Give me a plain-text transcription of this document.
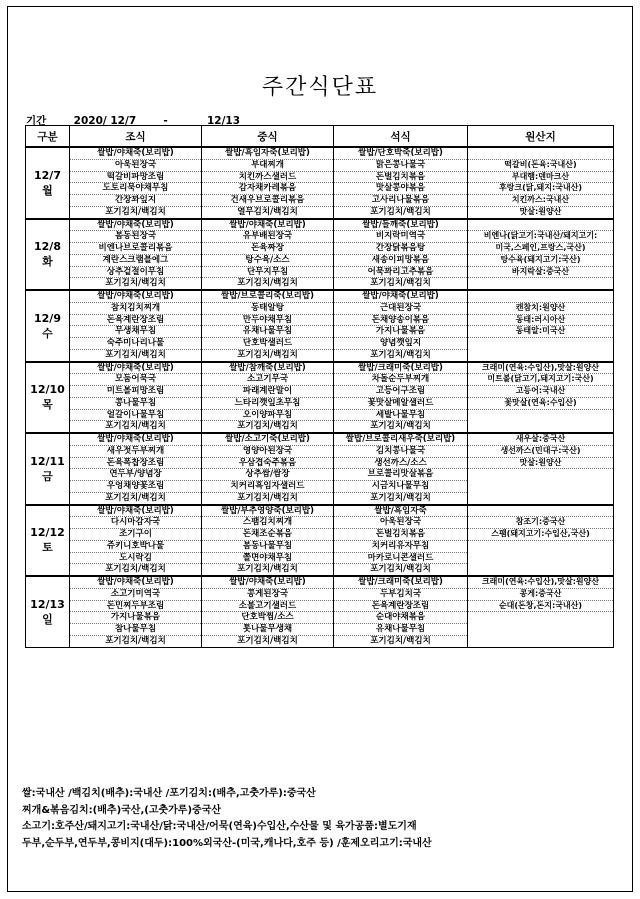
주간식단표
기간	2020/ 12/7	-	12/13
구분	조식	중식	석식	원산지

12/7
월	쌀밥/야채죽(보리밥)	쌀밥/흑임자죽(보리밥)	쌀밥/단호박죽(보리밥)	
	아욱된장국	부대찌개	맑은콩나물국	떡갈비(돈육:국내산)
	떡갈비파망조림	치킨까스샐러드	돈벌김치볶음	부대햄:덴마크산
	도토리묵야채무침	감자채카레볶음	맛살콩야볶음	후랑크(닭,돼지:국내산)
	간장꽈잎지	건새우브로콜리볶음	고사리나물볶음	치킨까스:국내산
	포기김치/백김치	열무김치/백김치	포기김치/백김치	맛살:원양산

12/8
화	쌀밥/야채죽(보리밥)	쌀밥/야채죽(보리밥)	쌀밥/들깨죽(보리밥)	
	봄동된장국	유부배된장국	비지락미역국	비엔나(닭고기:국내산/돼지고기:
	비엔나브로콜리볶음	돈육짜장	간장닭볶음탕	미국,스페인,프랑스,국산)
	계란스크램블에그	탕수육/소스	새송이피망볶음	탕수육(돼지고기:국산)
	상추겉절이무침	단무지무침	어묵꽈리고추볶음	바지락살:중국산
	포기김치/백김치	포기김치/백김치	포기김치/백김치	

12/9
수	쌀밥/야채죽(보리밥)	쌀밥/브로콜리죽(보리밥)	쌀밥/야채죽(보리밥)	
	참치김치찌개	동태알탕	근대된장국	캔참치:원양산
	돈육계란장조림	만두야채무침	돈채양송이볶음	동태:러시아산
	무생채무침	유채나물무침	가지나물볶음	동태알:미국산
	숙주미나리나물	단호박샐러드	양념깻잎지	
	포기김치/백김치	포기김치/백김치	포기김치/백김치	

12/10
목	쌀밥/야채죽(보리밥)	쌀밥/참깨죽(보리밥)	쌀밥/크래미죽(보리밥)	크래미(연육:수입산),맛살:원양산
	모둠어묵국	소고기무국	차돌순두부찌개	미트볼(닭고기,돼지고기:국산)
	미트볼피망조림	파래계란말이	고등어구조림	고등어:국내산
	콩나물무침	느타리깻잎초무침	꽃맛살메알샐러드	꽃맛살(연육:수입산)
	얼갈이나물무침	오이양파무침	세발나물무침	
	포기김치/백김치	포기김치/백김치	포기김치/백김치	

12/11
금	쌀밥/야채죽(보리밥)	쌀밥/소고기죽(보리밥)	쌀밥/브로콜리새우죽(보리밥)	새우살:중국산
	새우젓두부찌개	영양아된장국	김치콩나물국	생선까스(민대구:국산)
	돈육폭찹장조림	우삼겹숙주볶음	생선까스/소스	맛살:원양산
	연두부/양념장	상추쌈/쌈장	브로콜리맛살볶음	
	우엉채양꽃조림	치커리흑임자샐러드	시금치나물무침	
	포기김치/백김치	포기김치/백김치	포기김치/백김치	

12/12
토	쌀밥/야채죽(보리밥)	쌀밥/부추영양죽(보리밥)	쌀밥/흑임자죽	
	다시마감자국	스팸김치찌개	아욱된장국	참조기:중국산
	조기구이	돈채조순볶음	돈벌김치볶음	스팸(돼지고기:수입산,국산)
	쥬키니호박나물	봄동나물무침	치커리유자무침	
	도시락김	쫄면야채무침	마카로니콘샐러드	
	포기김치/백김치	포기김치/백김치	포기김치/백김치	

12/13
일	쌀밥/야채죽(보리밥)	쌀밥/야채죽(보리밥)	쌀밥/크래미죽(보리밥)	크래미(연육:수입산),맛살:원양산
	소고기미역국	콩게된장국	두부김치국	콩게:중국산
	돈민찌두부조림	소불고기샐러드	돈육계란장조림	순대(돈창,돈지:국내산)
	가지나물볶음	단호박찜/소스	순대야채볶음	
	참나물무침	톳나물무생채	유채나물무침	
	포기김치/백김치	포기김치/백김치	포기김치/백김치	
쌀:국내산 /백김치(배추):국내산 /포기김치:(배추,고춧가루):중국산
찌개&볶음김치:(배추)국산,(고춧가루)중국산
소고기:호주산/돼지고기:국내산/닭:국내산/어묵(연육)수입산,수산물 및 육가공품:별도기재
두부,순두부,연두부,콩비지(대두):100%외국산-(미국,캐나다,호주 등) /훈제오리고기:국내산
